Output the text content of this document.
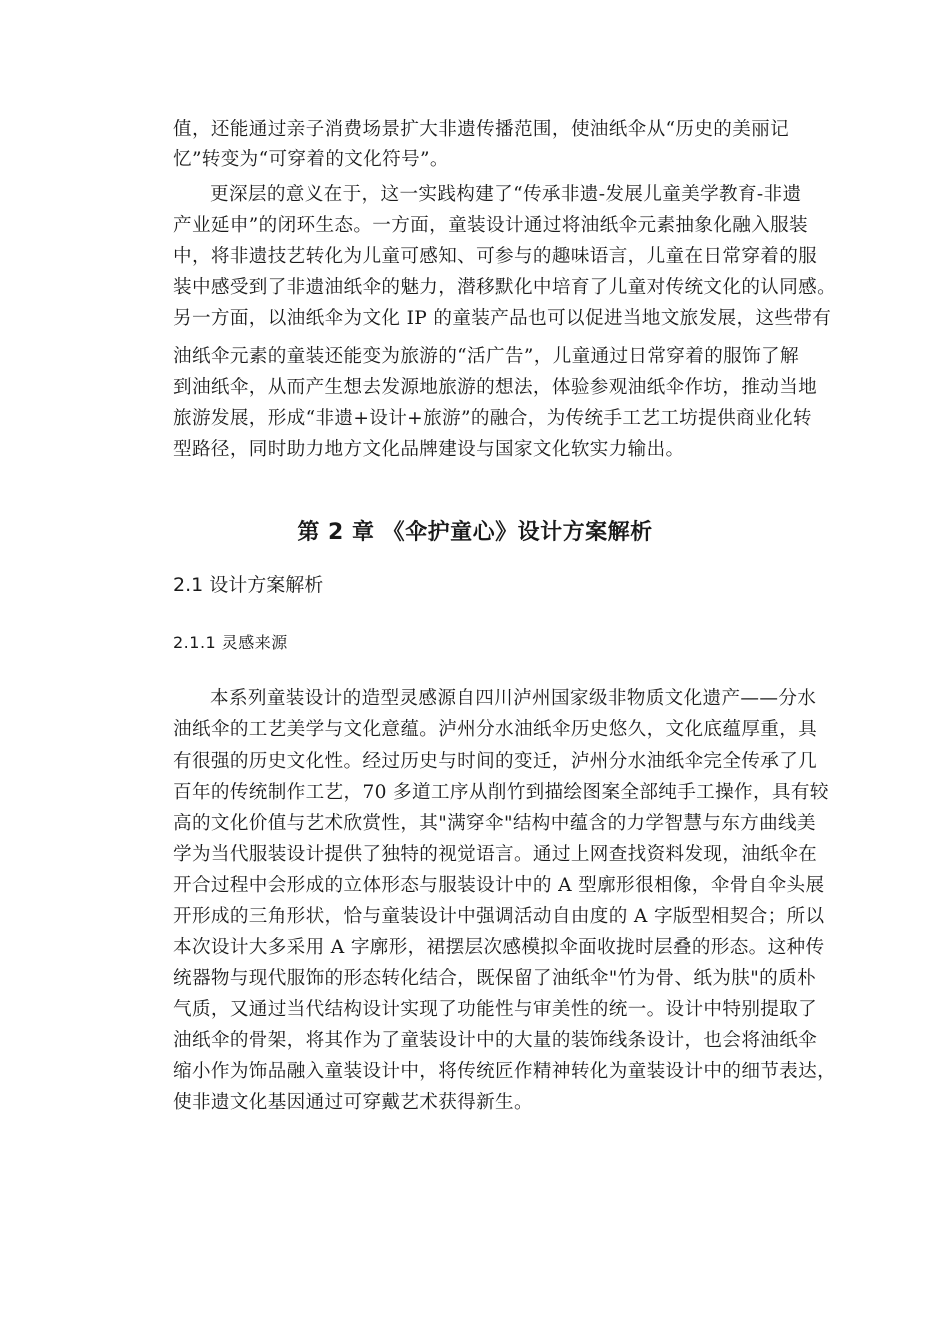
值，还能通过亲子消费场景扩大非遗传播范围，使油纸伞从“历史的美丽记
忆”转变为“可穿着的文化符号”。
更深层的意义在于，这一实践构建了“传承非遗-发展儿童美学教育-非遗
产业延申”的闭环生态。一方面，童装设计通过将油纸伞元素抽象化融入服装
中，将非遗技艺转化为儿童可感知、可参与的趣味语言，儿童在日常穿着的服
装中感受到了非遗油纸伞的魅力，潜移默化中培育了儿童对传统文化的认同感。
另一方面，以油纸伞为文化 IP 的童装产品也可以促进当地文旅发展，这些带有
油纸伞元素的童装还能变为旅游的“活广告”，儿童通过日常穿着的服饰了解
到油纸伞，从而产生想去发源地旅游的想法，体验参观油纸伞作坊，推动当地
旅游发展，形成“非遗+设计+旅游”的融合，为传统手工艺工坊提供商业化转
型路径，同时助力地方文化品牌建设与国家文化软实力输出。
第 2 章 《伞护童心》设计方案解析
2.1 设计方案解析
2.1.1 灵感来源
本系列童装设计的造型灵感源自四川泸州国家级非物质文化遗产——分水
油纸伞的工艺美学与文化意蕴。泸州分水油纸伞历史悠久，文化底蕴厚重，具
有很强的历史文化性。经过历史与时间的变迁，泸州分水油纸伞完全传承了几
百年的传统制作工艺，70 多道工序从削竹到描绘图案全部纯手工操作，具有较
高的文化价值与艺术欣赏性，其"满穿伞"结构中蕴含的力学智慧与东方曲线美
学为当代服装设计提供了独特的视觉语言。通过上网查找资料发现，油纸伞在
开合过程中会形成的立体形态与服装设计中的 A 型廓形很相像，伞骨自伞头展
开形成的三角形状，恰与童装设计中强调活动自由度的 A 字版型相契合；所以
本次设计大多采用 A 字廓形，裙摆层次感模拟伞面收拢时层叠的形态。这种传
统器物与现代服饰的形态转化结合，既保留了油纸伞"竹为骨、纸为肤"的质朴
气质，又通过当代结构设计实现了功能性与审美性的统一。设计中特别提取了
油纸伞的骨架，将其作为了童装设计中的大量的装饰线条设计，也会将油纸伞
缩小作为饰品融入童装设计中，将传统匠作精神转化为童装设计中的细节表达，
使非遗文化基因通过可穿戴艺术获得新生。
